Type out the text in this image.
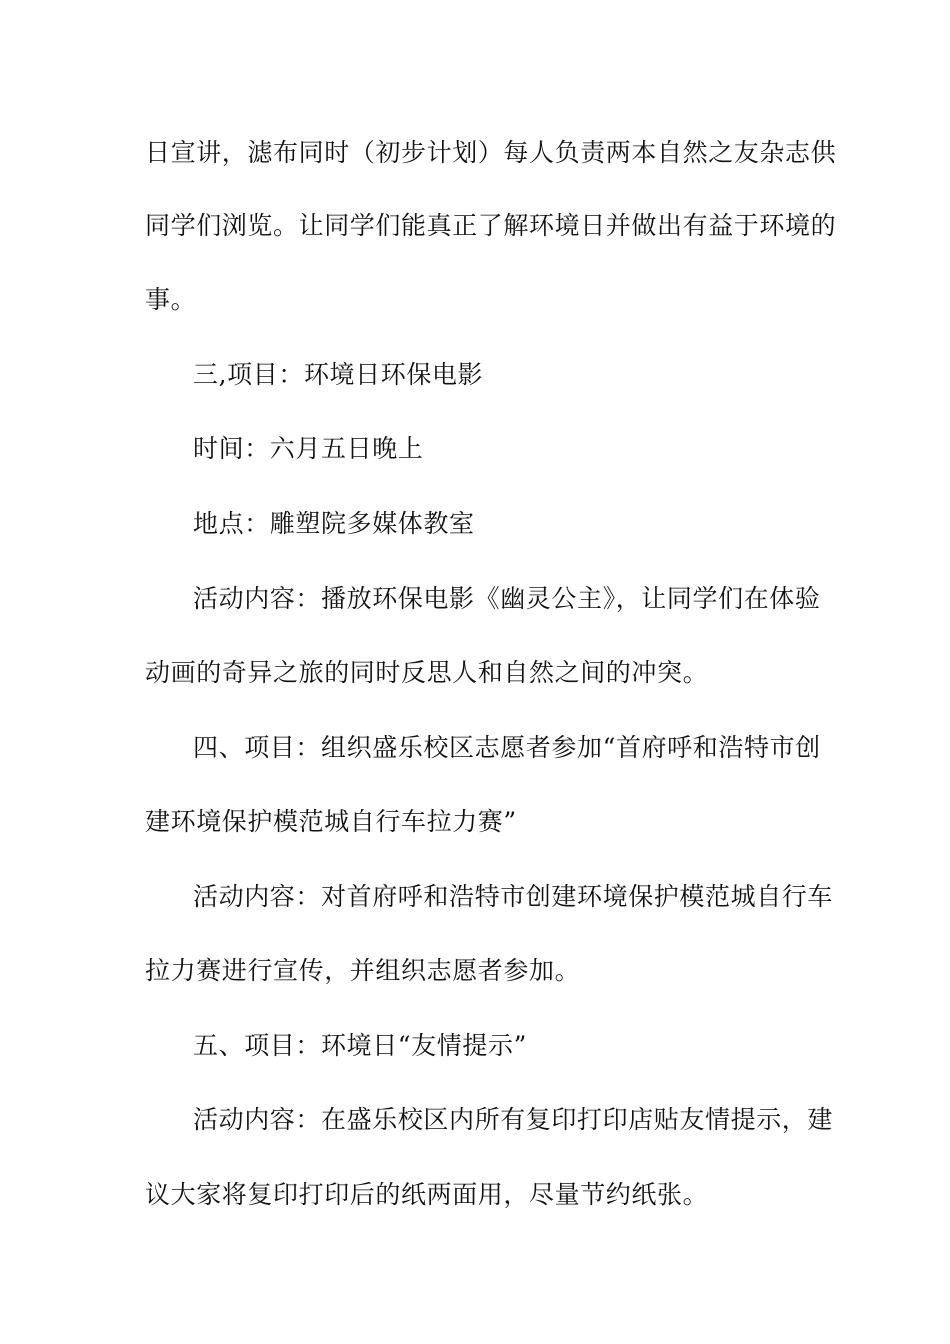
日宣讲，滤布同时（初步计划）每人负责两本自然之友杂志供
同学们浏览。让同学们能真正了解环境日并做出有益于环境的
事。
三,项目：环境日环保电影
时间：六月五日晚上
地点：雕塑院多媒体教室
活动内容：播放环保电影《幽灵公主》，让同学们在体验
动画的奇异之旅的同时反思人和自然之间的冲突。
四、项目：组织盛乐校区志愿者参加“首府呼和浩特市创
建环境保护模范城自行车拉力赛”
活动内容：对首府呼和浩特市创建环境保护模范城自行车
拉力赛进行宣传，并组织志愿者参加。
五、项目：环境日“友情提示”
活动内容：在盛乐校区内所有复印打印店贴友情提示，建
议大家将复印打印后的纸两面用，尽量节约纸张。
